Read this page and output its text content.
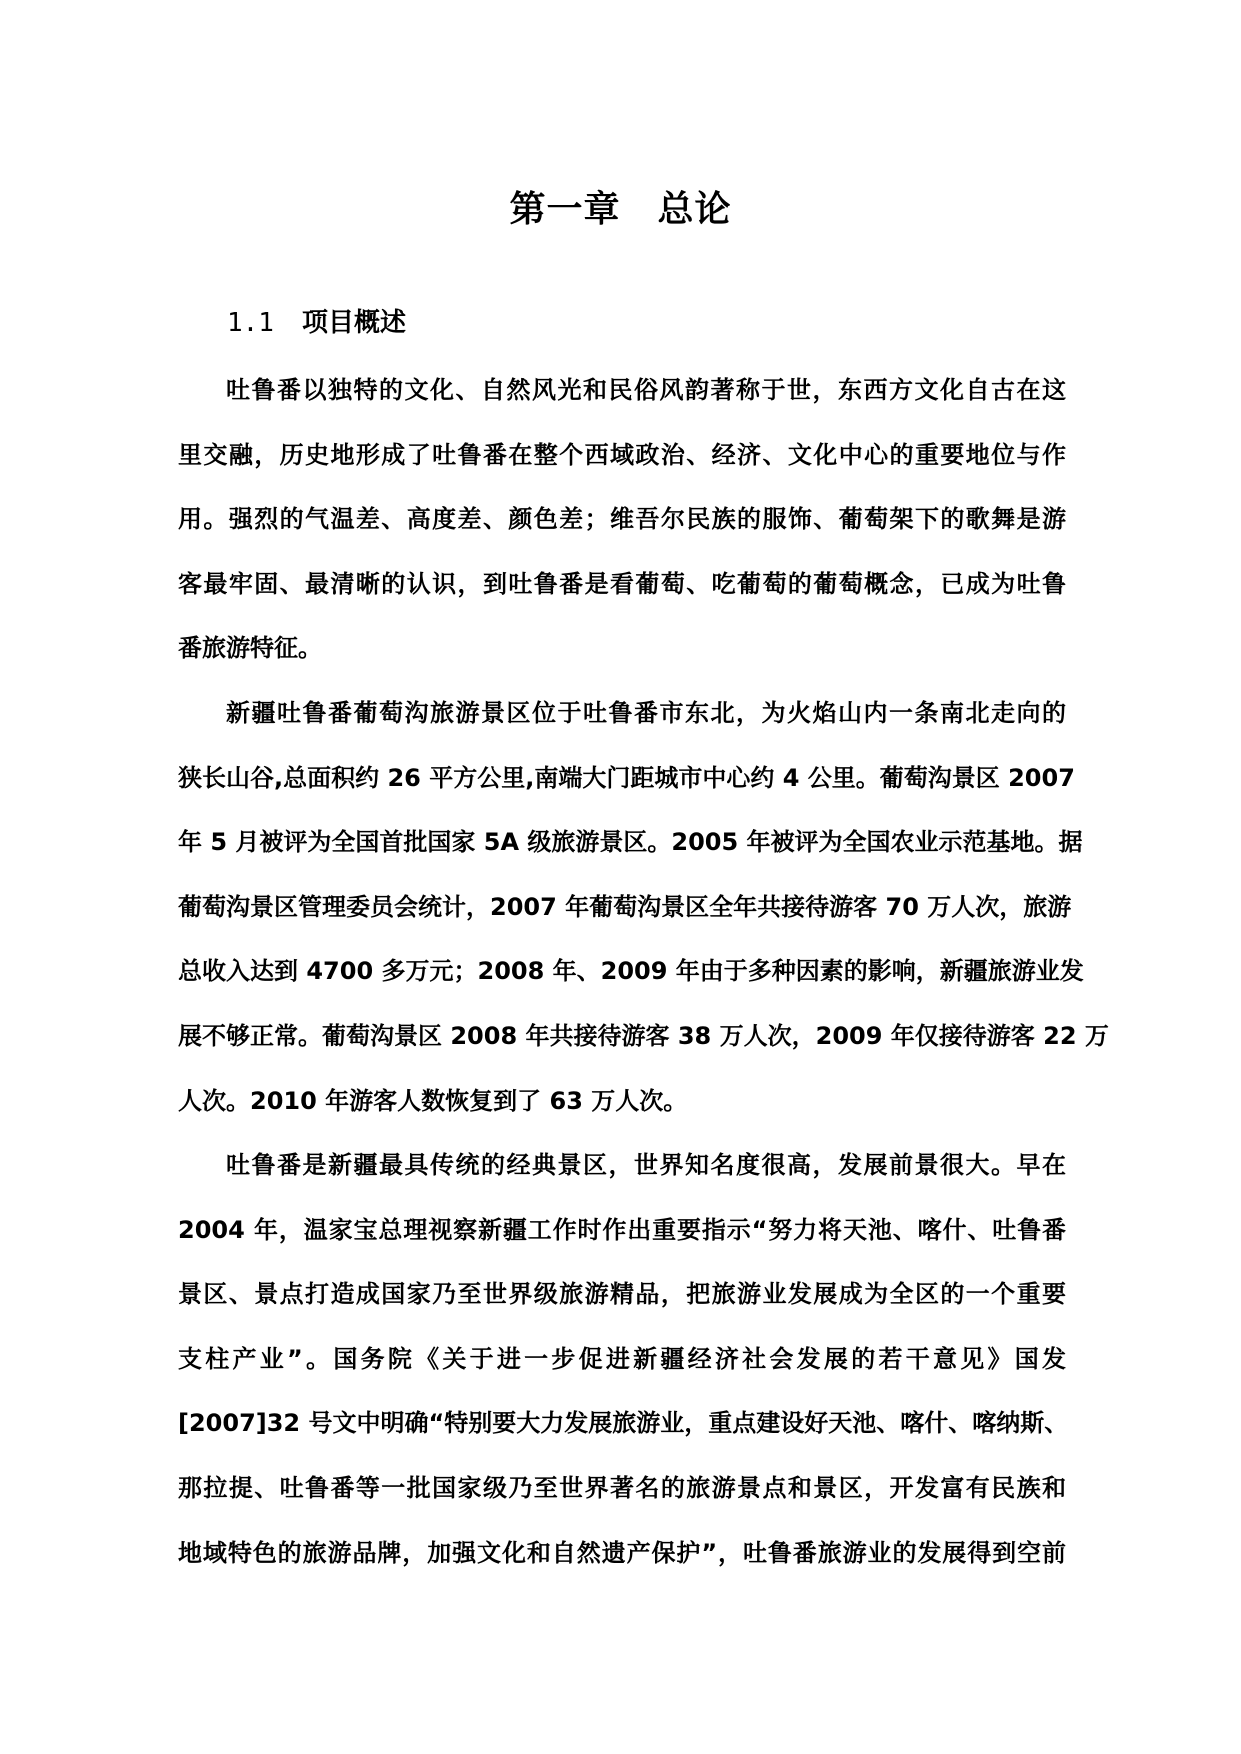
第一章　总论
1.1 项目概述
吐鲁番以独特的文化、自然风光和民俗风韵著称于世，东西方文化自古在这
里交融，历史地形成了吐鲁番在整个西域政治、经济、文化中心的重要地位与作
用。强烈的气温差、高度差、颜色差；维吾尔民族的服饰、葡萄架下的歌舞是游
客最牢固、最清晰的认识，到吐鲁番是看葡萄、吃葡萄的葡萄概念，已成为吐鲁
番旅游特征。
新疆吐鲁番葡萄沟旅游景区位于吐鲁番市东北，为火焰山内一条南北走向的
狭长山谷,总面积约 26 平方公里,南端大门距城市中心约 4 公里。葡萄沟景区 2007
年 5 月被评为全国首批国家 5A 级旅游景区。2005 年被评为全国农业示范基地。据
葡萄沟景区管理委员会统计，2007 年葡萄沟景区全年共接待游客 70 万人次，旅游
总收入达到 4700 多万元；2008 年、2009 年由于多种因素的影响，新疆旅游业发
展不够正常。葡萄沟景区 2008 年共接待游客 38 万人次，2009 年仅接待游客 22 万
人次。2010 年游客人数恢复到了 63 万人次。
吐鲁番是新疆最具传统的经典景区，世界知名度很高，发展前景很大。早在
2004 年，温家宝总理视察新疆工作时作出重要指示“努力将天池、喀什、吐鲁番
景区、景点打造成国家乃至世界级旅游精品，把旅游业发展成为全区的一个重要
支柱产业”。国务院《关于进一步促进新疆经济社会发展的若干意见》国发
[2007]32 号文中明确“特别要大力发展旅游业，重点建设好天池、喀什、喀纳斯、
那拉提、吐鲁番等一批国家级乃至世界著名的旅游景点和景区，开发富有民族和
地域特色的旅游品牌，加强文化和自然遗产保护”，吐鲁番旅游业的发展得到空前
